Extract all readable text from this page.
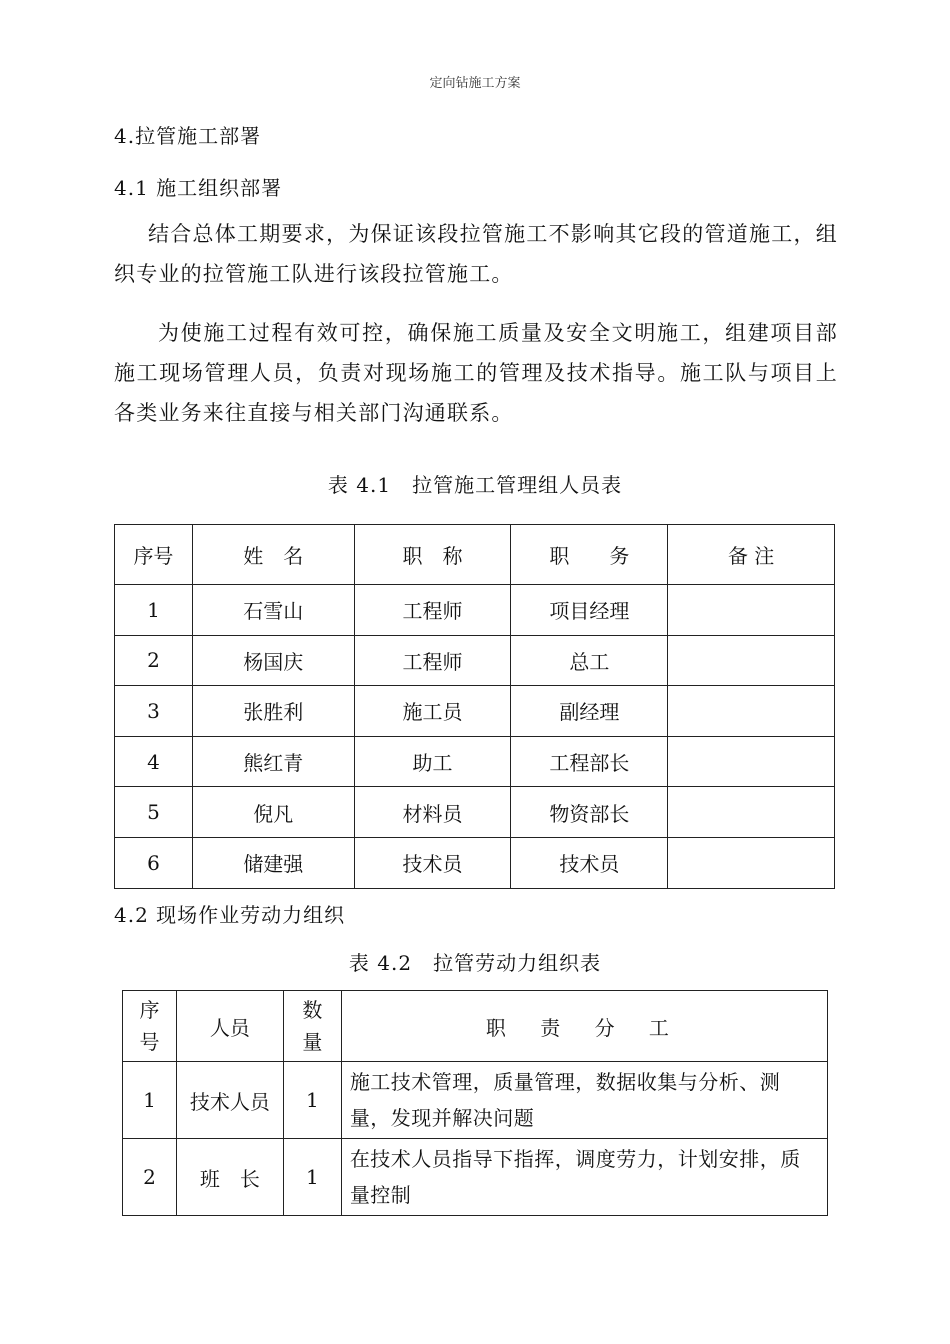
定向钻施工方案
4.拉管施工部署
4.1 施工组织部署
结合总体工期要求，为保证该段拉管施工不影响其它段的管道施工，组织专业的拉管施工队进行该段拉管施工。
为使施工过程有效可控，确保施工质量及安全文明施工，组建项目部施工现场管理人员，负责对现场施工的管理及技术指导。施工队与项目上各类业务来往直接与相关部门沟通联系。
表 4.1　拉管施工管理组人员表
序号	姓　名	职　称	职　　务	备 注
1	石雪山	工程师	项目经理	
2	杨国庆	工程师	总工	
3	张胜利	施工员	副经理	
4	熊红青	助工	工程部长	
5	倪凡	材料员	物资部长	
6	储建强	技术员	技术员	
4.2 现场作业劳动力组织
表 4.2　拉管劳动力组织表
序号	人员	数量	职 责 分 工
1	技术人员	1	施工技术管理，质量管理，数据收集与分析、测量，发现并解决问题
2	班　长	1	在技术人员指导下指挥，调度劳力，计划安排，质量控制
